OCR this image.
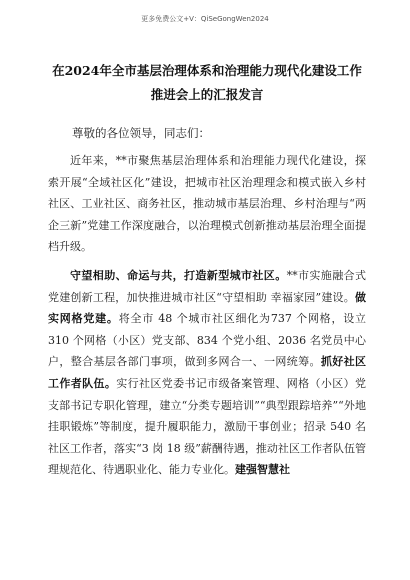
更多免费公文+V：QiSeGongWen2024
在2024年全市基层治理体系和治理能力现代化建设工作推进会上的汇报发言
尊敬的各位领导，同志们：

近年来，**市聚焦基层治理体系和治理能力现代化建设，探索开展“全域社区化”建设，把城市社区治理理念和模式嵌入乡村社区、工业社区、商务社区，推动城市基层治理、乡村治理与“两企三新”党建工作深度融合，以治理模式创新推动基层治理全面提档升级。

守望相助、命运与共，打造新型城市社区。**市实施融合式党建创新工程，加快推进城市社区“守望相助 幸福家园”建设。做实网格党建。将全市 48 个城市社区细化为737 个网格，设立 310 个网格（小区）党支部、834 个党小组、2036 名党员中心户，整合基层各部门事项，做到多网合一、一网统筹。抓好社区工作者队伍。实行社区党委书记市级备案管理、网格（小区）党支部书记专职化管理，建立“分类专题培训”“典型跟踪培养”“外地挂职锻炼”等制度，提升履职能力，激励干事创业；招录 540 名社区工作者，落实“3 岗 18 级”薪酬待遇，推动社区工作者队伍管理规范化、待遇职业化、能力专业化。建强智慧社
